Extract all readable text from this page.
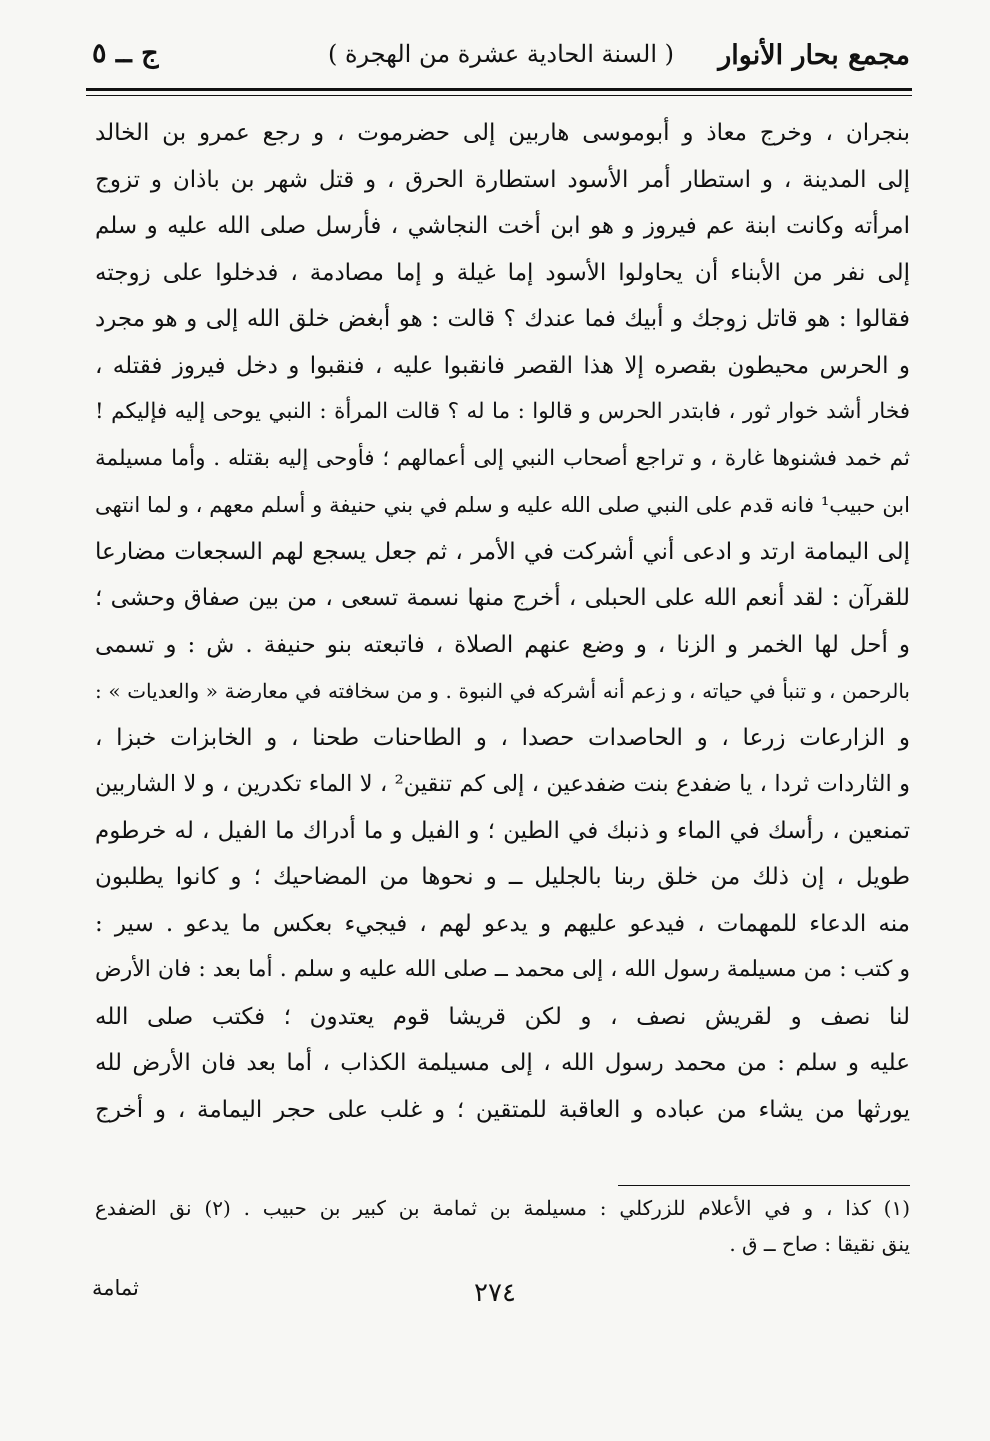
مجمع بحار الأنوار
( السنة الحادية عشرة من الهجرة )
ج ــ ٥
بنجران ، وخرج معاذ و أبوموسى هاربين إلى حضرموت ، و رجع عمرو بن الخالد
إلى المدينة ، و استطار أمر الأسود استطارة الحرق ، و قتل شهر بن باذان و تزوج
امرأته وكانت ابنة عم فيروز و هو ابن أخت النجاشي ، فأرسل صلى الله عليه و سلم
إلى نفر من الأبناء أن يحاولوا الأسود إما غيلة و إما مصادمة ، فدخلوا على زوجته
فقالوا : هو قاتل زوجك و أبيك فما عندك ؟ قالت : هو أبغض خلق الله إلى و هو مجرد
و الحرس محيطون بقصره إلا هذا القصر فانقبوا عليه ، فنقبوا و دخل فيروز فقتله ،
فخار أشد خوار ثور ، فابتدر الحرس و قالوا : ما له ؟ قالت المرأة : النبي يوحى إليه فإليكم !
ثم خمد فشنوها غارة ، و تراجع أصحاب النبي إلى أعمالهم ؛ فأوحى إليه بقتله . وأما مسيلمة
ابن حبيب¹ فانه قدم على النبي صلى الله عليه و سلم في بني حنيفة و أسلم معهم ، و لما انتهى
إلى اليمامة ارتد و ادعى أني أشركت في الأمر ، ثم جعل يسجع لهم السجعات مضارعا
للقرآن : لقد أنعم الله على الحبلى ، أخرج منها نسمة تسعى ، من بين صفاق وحشى ؛
و أحل لها الخمر و الزنا ، و وضع عنهم الصلاة ، فاتبعته بنو حنيفة . ش : و تسمى
بالرحمن ، و تنبأ في حياته ، و زعم أنه أشركه في النبوة . و من سخافته في معارضة « والعديات » :
و الزارعات زرعا ، و الحاصدات حصدا ، و الطاحنات طحنا ، و الخابزات خبزا ،
و الثاردات ثردا ، يا ضفدع بنت ضفدعين ، إلى كم تنقين² ، لا الماء تكدرين ، و لا الشاربين
تمنعين ، رأسك في الماء و ذنبك في الطين ؛ و الفيل و ما أدراك ما الفيل ، له خرطوم
طويل ، إن ذلك من خلق ربنا بالجليل ــ و نحوها من المضاحيك ؛ و كانوا يطلبون
منه الدعاء للمهمات ، فيدعو عليهم و يدعو لهم ، فيجيء بعكس ما يدعو . سير :
و كتب : من مسيلمة رسول الله ، إلى محمد ــ صلى الله عليه و سلم . أما بعد : فان الأرض
لنا نصف و لقريش نصف ، و لكن قريشا قوم يعتدون ؛ فكتب صلى الله
عليه و سلم : من محمد رسول الله ، إلى مسيلمة الكذاب ، أما بعد فان الأرض لله
يورثها من يشاء من عباده و العاقبة للمتقين ؛ و غلب على حجر اليمامة ، و أخرج
(١) كذا ، و في الأعلام للزركلي : مسيلمة بن ثمامة بن كبير بن حبيب . (٢) نق الضفدع
ينق نقيقا : صاح ــ ق .
٢٧٤
ثمامة
